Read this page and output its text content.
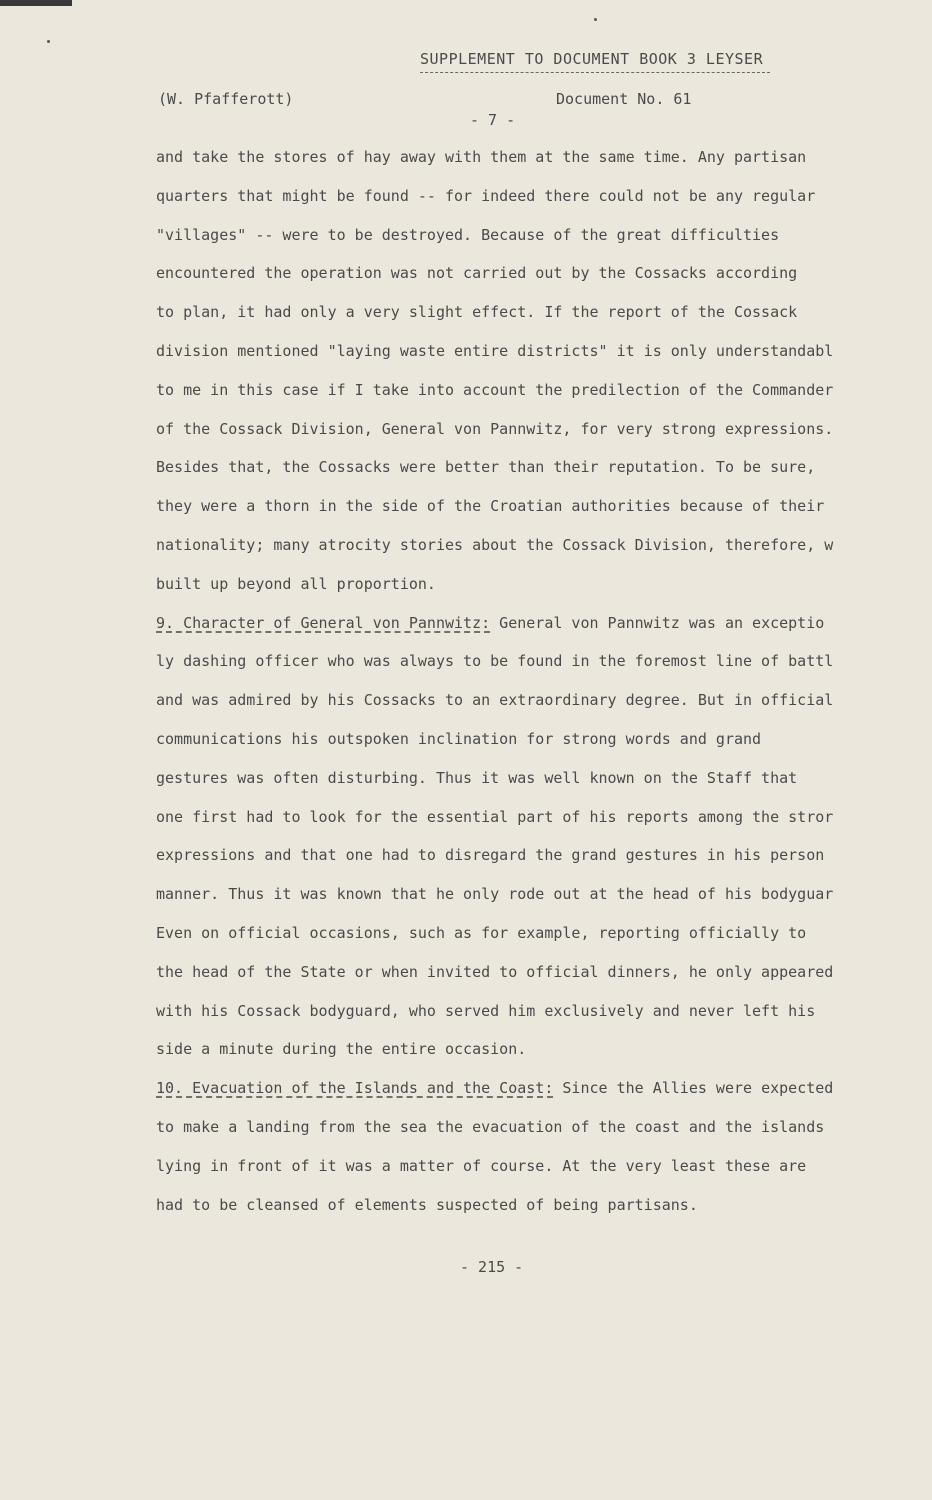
SUPPLEMENT TO DOCUMENT BOOK 3 LEYSER
(W. Pfafferott)	Document No. 61
- 7 -
and take the stores of hay away with them at the same time. Any partisan
quarters that might be found -- for indeed there could not be any regular
"villages" -- were to be destroyed. Because of the great difficulties
encountered the operation was not carried out by the Cossacks according
to plan, it had only a very slight effect. If the report of the Cossack
division mentioned "laying waste entire districts" it is only understandabl
to me in this case if I take into account the predilection of the Commander
of the Cossack Division, General von Pannwitz, for very strong expressions.
Besides that, the Cossacks were better than their reputation. To be sure,
they were a thorn in the side of the Croatian authorities because of their
nationality; many atrocity stories about the Cossack Division, therefore, w
built up beyond all proportion.
9. Character of General von Pannwitz: General von Pannwitz was an exceptio
ly dashing officer who was always to be found in the foremost line of battl
and was admired by his Cossacks to an extraordinary degree. But in official
communications his outspoken inclination for strong words and grand
gestures was often disturbing. Thus it was well known on the Staff that
one first had to look for the essential part of his reports among the stror
expressions and that one had to disregard the grand gestures in his person
manner. Thus it was known that he only rode out at the head of his bodyguar
Even on official occasions, such as for example, reporting officially to
the head of the State or when invited to official dinners, he only appeared
with his Cossack bodyguard, who served him exclusively and never left his
side a minute during the entire occasion.
10. Evacuation of the Islands and the Coast: Since the Allies were expected
to make a landing from the sea the evacuation of the coast and the islands
lying in front of it was a matter of course. At the very least these are
had to be cleansed of elements suspected of being partisans.
- 215 -
